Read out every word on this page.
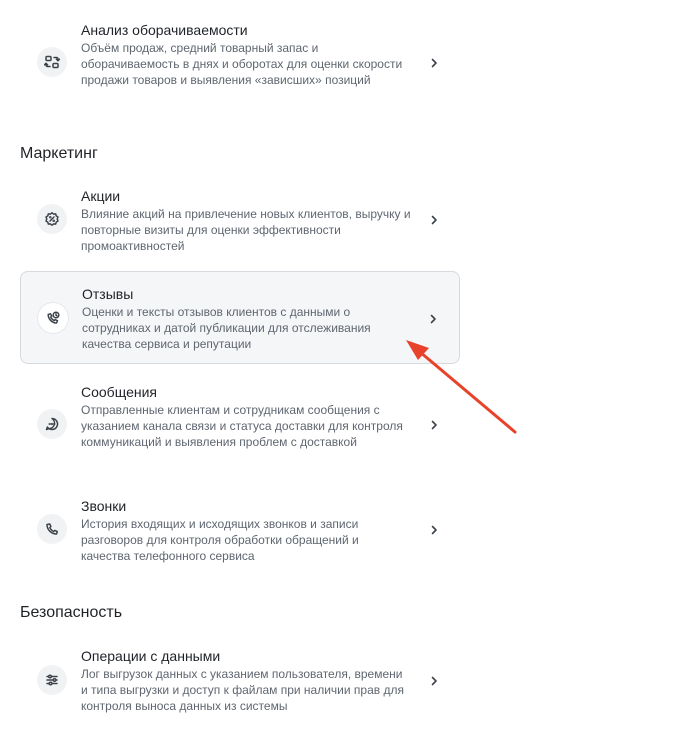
Анализ оборачиваемости
Объём продаж, средний товарный запас и оборачиваемость в днях и оборотах для оценки скорости продажи товаров и выявления «зависших» позиций
Маркетинг
Акции
Влияние акций на привлечение новых клиентов, выручку и повторные визиты для оценки эффективности промоактивностей
Отзывы
Оценки и тексты отзывов клиентов с данными о сотрудниках и датой публикации для отслеживания качества сервиса и репутации
Сообщения
Отправленные клиентам и сотрудникам сообщения с указанием канала связи и статуса доставки для контроля коммуникаций и выявления проблем с доставкой
Звонки
История входящих и исходящих звонков и записи разговоров для контроля обработки обращений и качества телефонного сервиса
Безопасность
Операции с данными
Лог выгрузок данных с указанием пользователя, времени и типа выгрузки и доступ к файлам при наличии прав для контроля выноса данных из системы
